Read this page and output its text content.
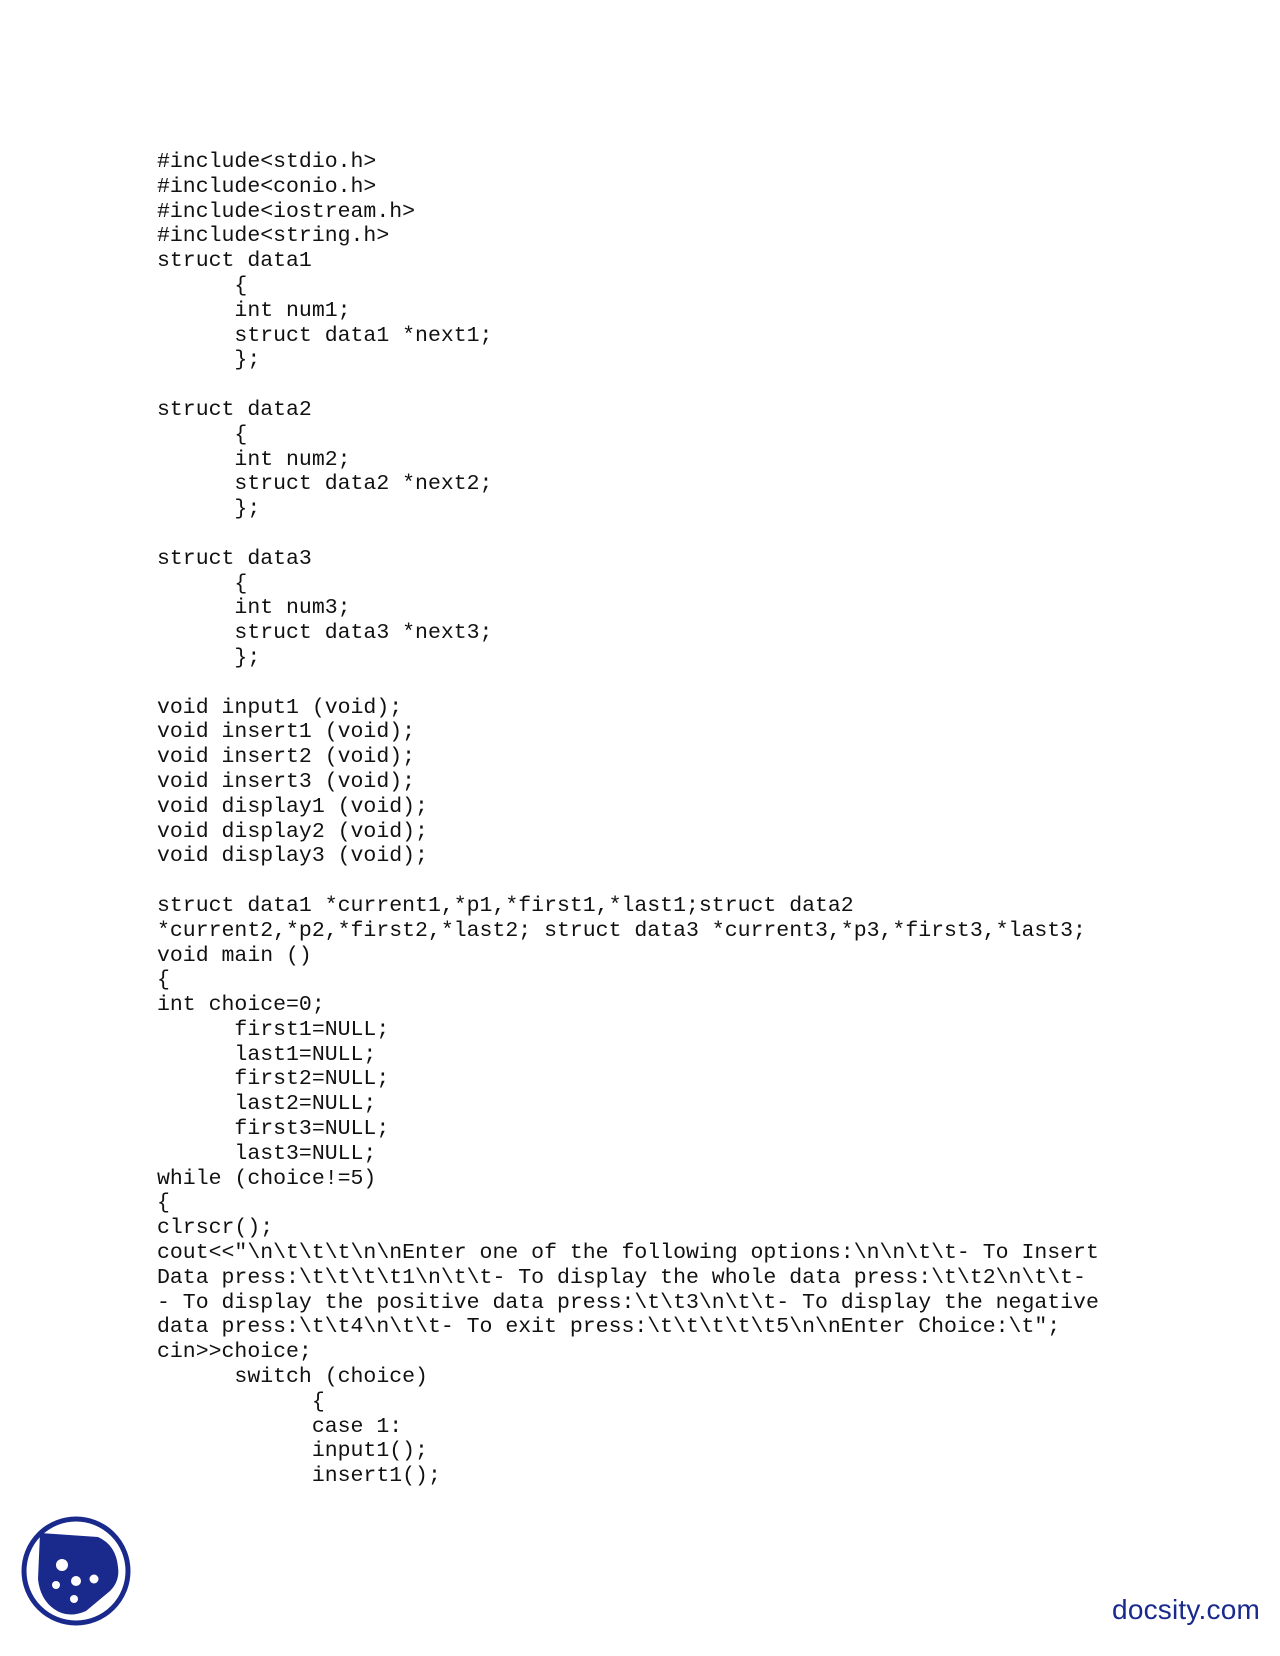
#include<stdio.h>
#include<conio.h>
#include<iostream.h>
#include<string.h>
struct data1
{
int num1;
struct data1 *next1;
};
struct data2
{
int num2;
struct data2 *next2;
};
struct data3
{
int num3;
struct data3 *next3;
};
void input1 (void);
void insert1 (void);
void insert2 (void);
void insert3 (void);
void display1 (void);
void display2 (void);
void display3 (void);
struct data1 *current1,*p1,*first1,*last1;struct data2
*current2,*p2,*first2,*last2; struct data3 *current3,*p3,*first3,*last3;
void main ()
{
int choice=0;
first1=NULL;
last1=NULL;
first2=NULL;
last2=NULL;
first3=NULL;
last3=NULL;
while (choice!=5)
{
clrscr();
cout<<"\n\t\t\t\n\nEnter one of the following options:\n\n\t\t- To Insert
Data press:\t\t\t\t1\n\t\t- To display the whole data press:\t\t2\n\t\t-
- To display the positive data press:\t\t3\n\t\t- To display the negative
data press:\t\t4\n\t\t- To exit press:\t\t\t\t\t5\n\nEnter Choice:\t";
cin>>choice;
switch (choice)
{
case 1:
input1();
insert1();
docsity.com
